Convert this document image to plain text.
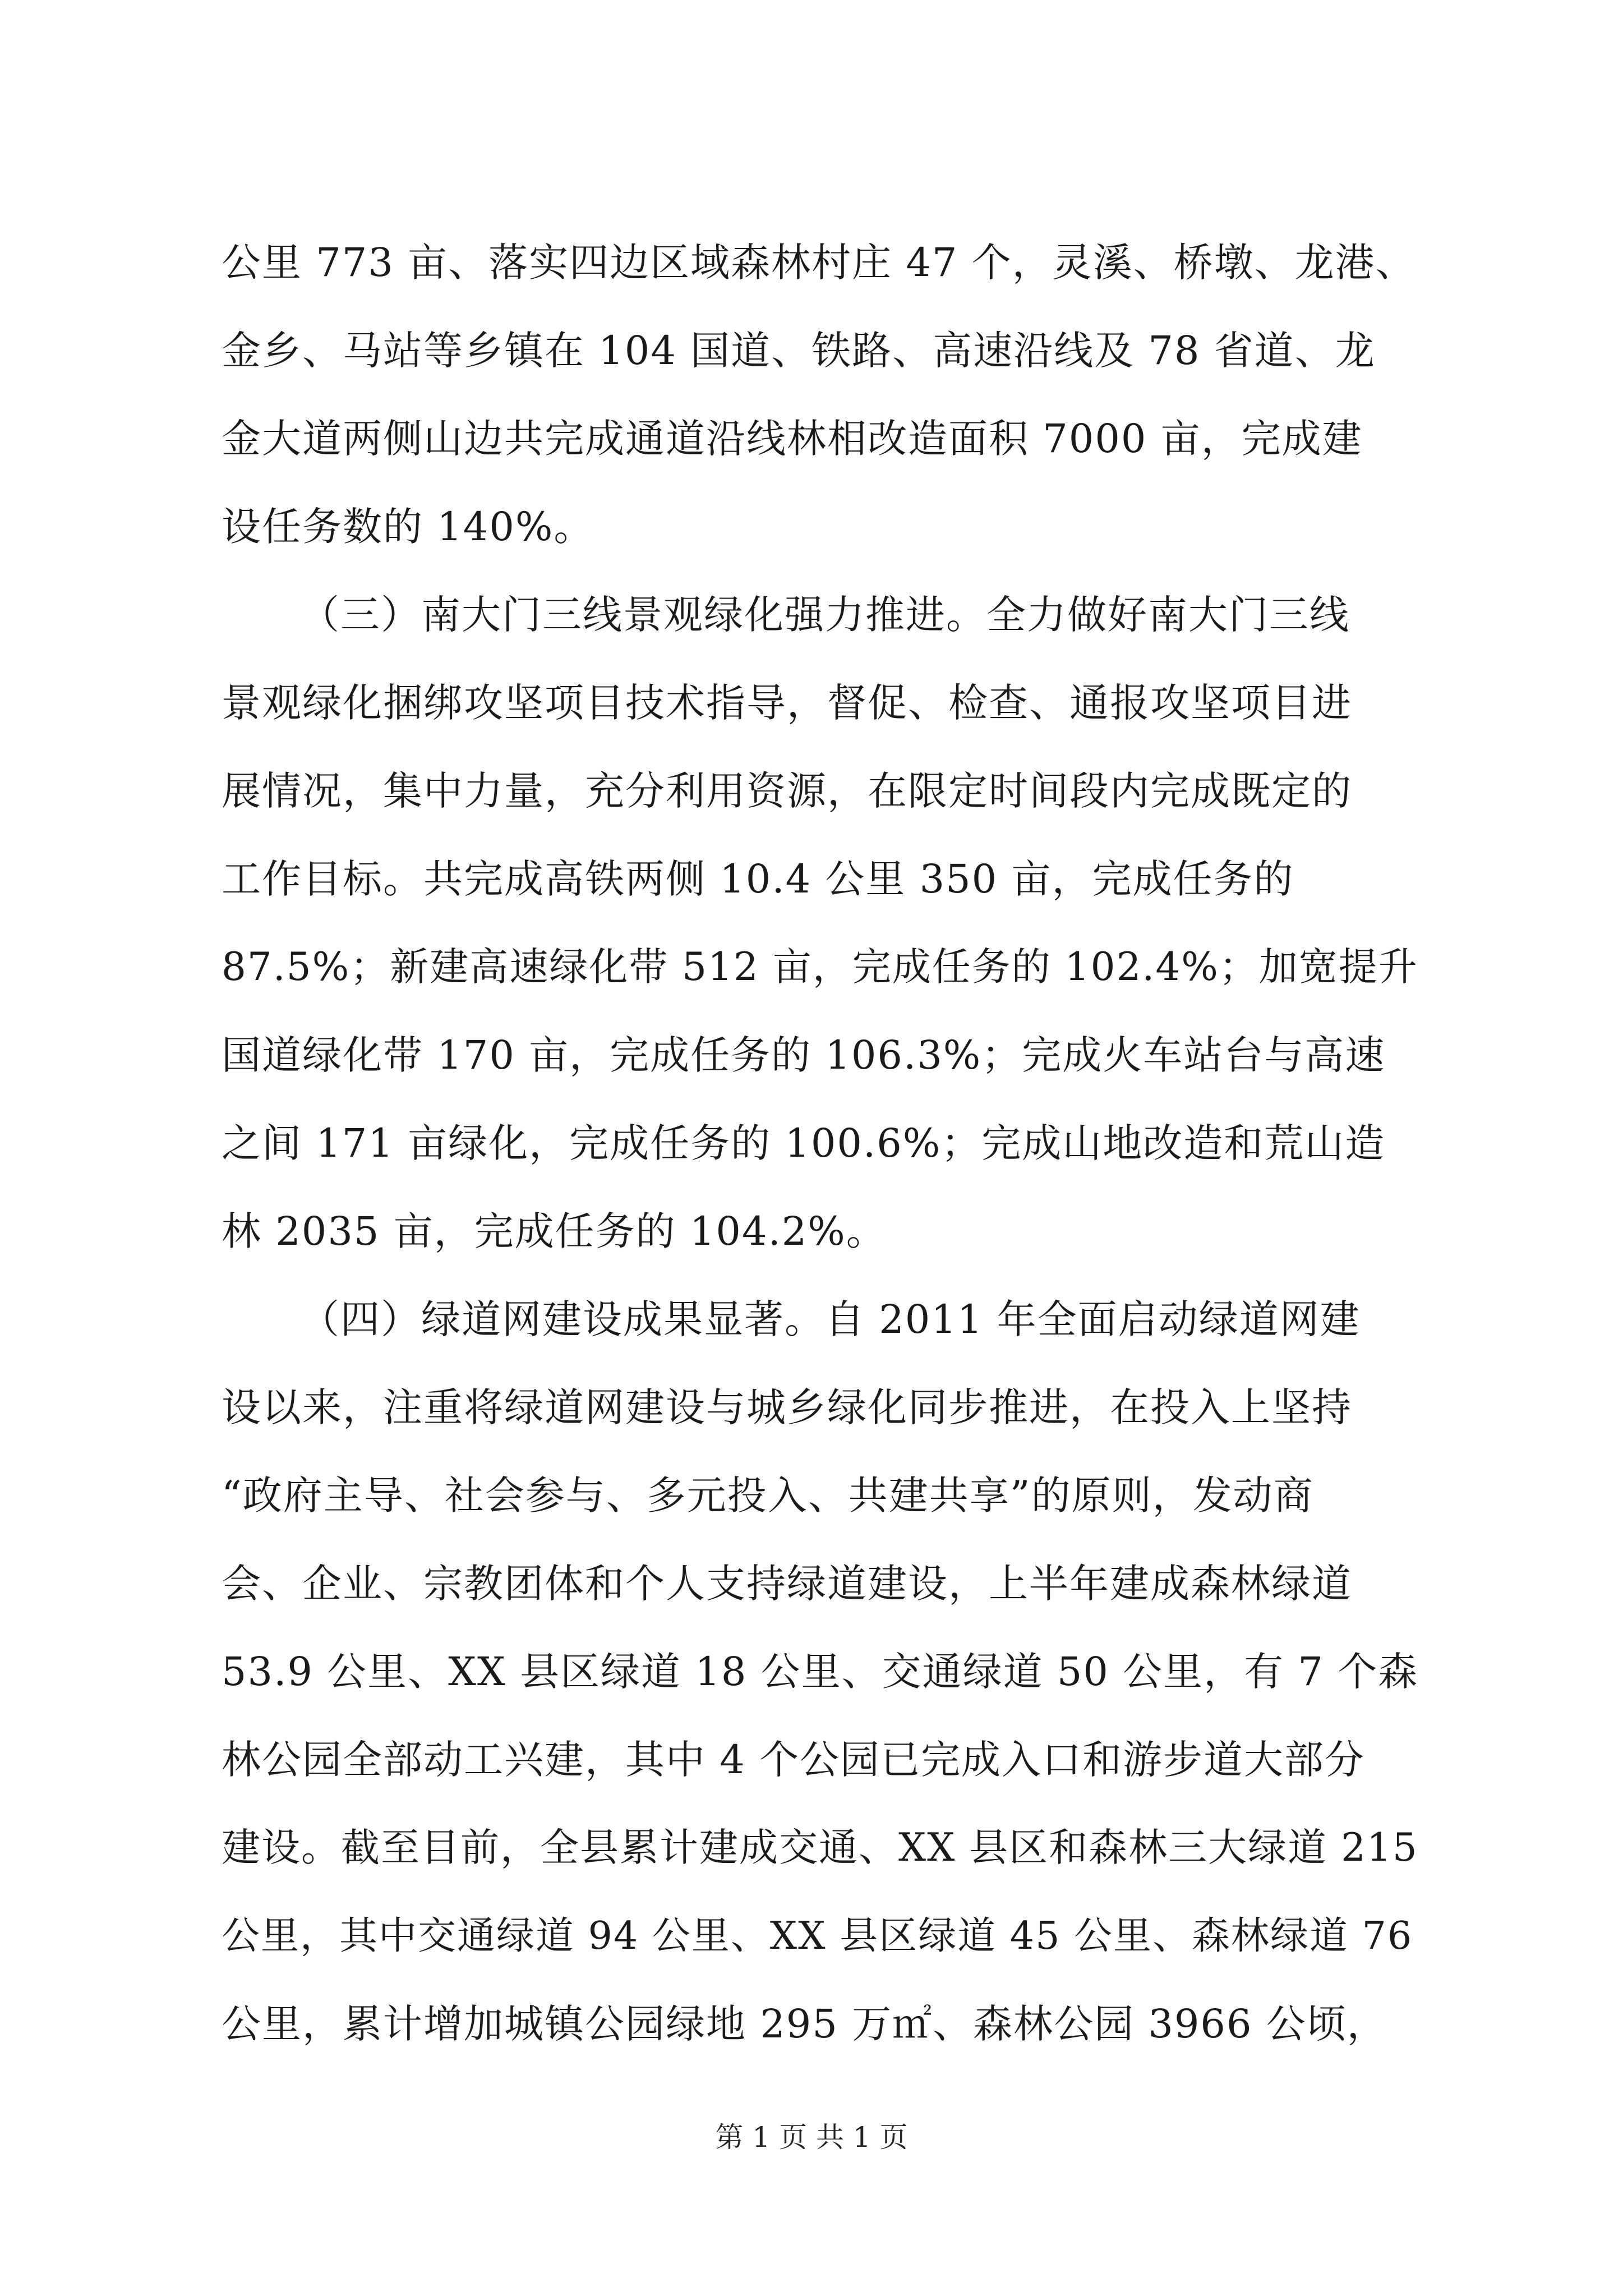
公里 773 亩、落实四边区域森林村庄 47 个，灵溪、桥墩、龙港、
金乡、马站等乡镇在 104 国道、铁路、高速沿线及 78 省道、龙
金大道两侧山边共完成通道沿线林相改造面积 7000 亩，完成建
设任务数的 140%。
（三）南大门三线景观绿化强力推进。全力做好南大门三线
景观绿化捆绑攻坚项目技术指导，督促、检查、通报攻坚项目进
展情况，集中力量，充分利用资源，在限定时间段内完成既定的
工作目标。共完成高铁两侧 10.4 公里 350 亩，完成任务的
87.5%；新建高速绿化带 512 亩，完成任务的 102.4%；加宽提升
国道绿化带 170 亩，完成任务的 106.3%；完成火车站台与高速
之间 171 亩绿化，完成任务的 100.6%；完成山地改造和荒山造
林 2035 亩，完成任务的 104.2%。
（四）绿道网建设成果显著。自 2011 年全面启动绿道网建
设以来，注重将绿道网建设与城乡绿化同步推进，在投入上坚持
“政府主导、社会参与、多元投入、共建共享”的原则，发动商
会、企业、宗教团体和个人支持绿道建设，上半年建成森林绿道
53.9 公里、XX 县区绿道 18 公里、交通绿道 50 公里，有 7 个森
林公园全部动工兴建，其中 4 个公园已完成入口和游步道大部分
建设。截至目前，全县累计建成交通、XX 县区和森林三大绿道 215
公里，其中交通绿道 94 公里、XX 县区绿道 45 公里、森林绿道 76
公里，累计增加城镇公园绿地 295 万㎡、森林公园 3966 公顷，
第 1 页 共 1 页
